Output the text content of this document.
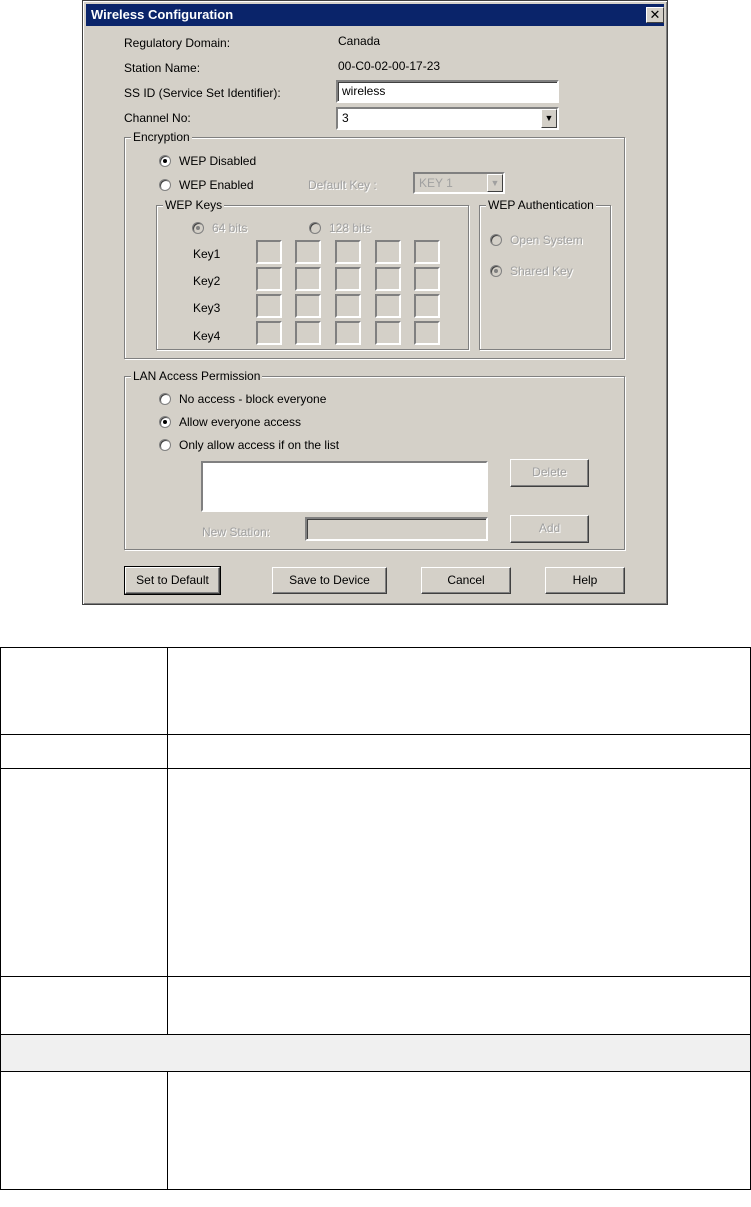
Wireless Configuration	✕
Regulatory Domain:	Canada
Station Name:	00-C0-02-00-17-23
SS ID (Service Set Identifier):	wireless
Channel No:	3	▼
Encryption
WEP Disabled
WEP Enabled	Default Key :	KEY 1	▼
WEP Keys
64 bits	128 bits
Key1
Key2
Key3
Key4
WEP Authentication
Open System
Shared Key
LAN Access Permission
No access - block everyone
Allow everyone access
Only allow access if on the list
Delete
New Station:	Add
Set to Default	Save to Device	Cancel	Help
